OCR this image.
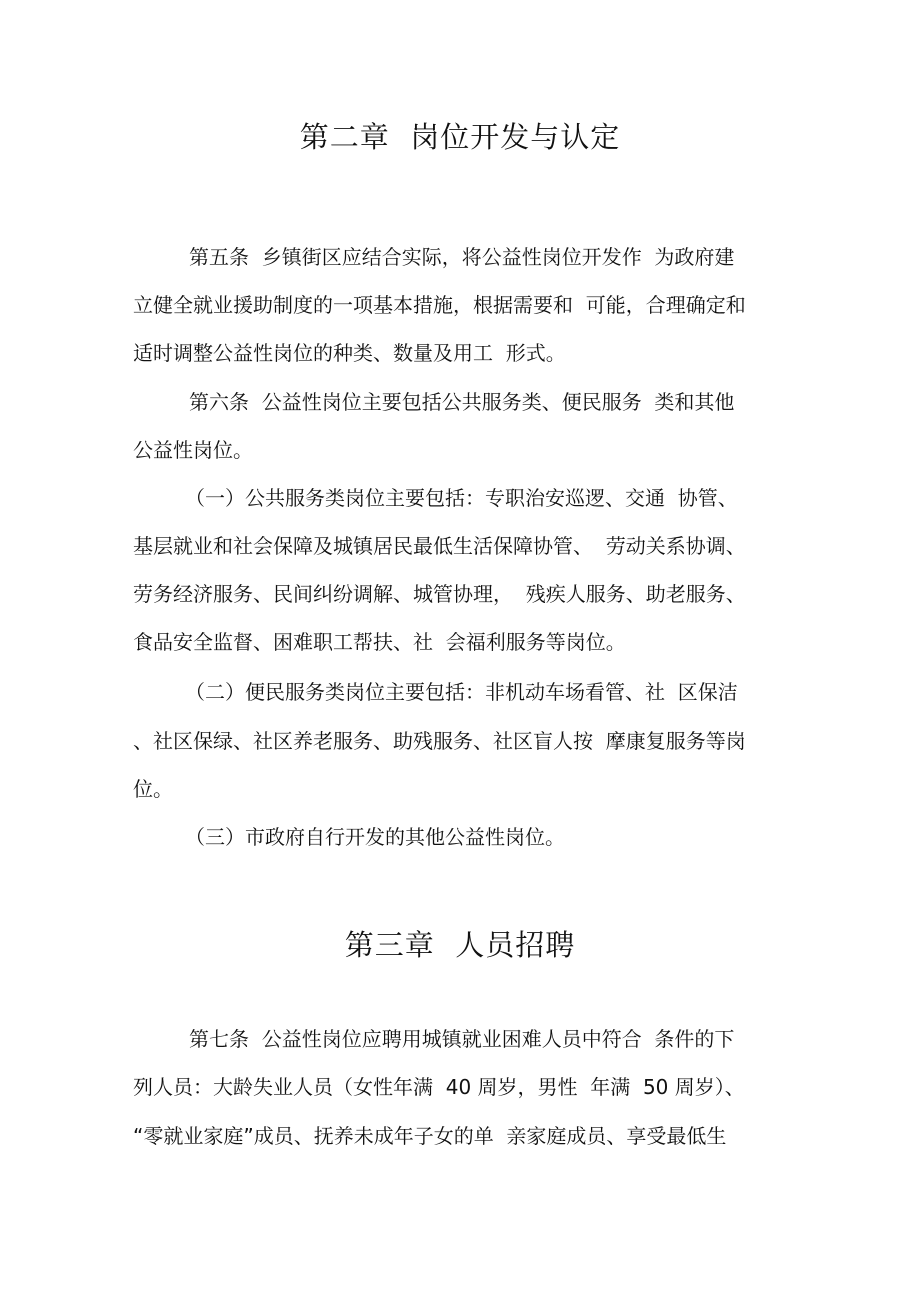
第二章  岗位开发与认定
第五条  乡镇街区应结合实际，将公益性岗位开发作  为政府建
立健全就业援助制度的一项基本措施，根据需要和  可能，合理确定和
适时调整公益性岗位的种类、数量及用工  形式。
第六条  公益性岗位主要包括公共服务类、便民服务  类和其他
公益性岗位。
（一）公共服务类岗位主要包括：专职治安巡逻、交通  协管、
基层就业和社会保障及城镇居民最低生活保障协管、  劳动关系协调、
劳务经济服务、民间纠纷调解、城管协理，  残疾人服务、助老服务、
食品安全监督、困难职工帮扶、社  会福利服务等岗位。
（二）便民服务类岗位主要包括：非机动车场看管、社  区保洁
、社区保绿、社区养老服务、助残服务、社区盲人按  摩康复服务等岗
位。
（三）市政府自行开发的其他公益性岗位。
第三章  人员招聘
第七条  公益性岗位应聘用城镇就业困难人员中符合  条件的下
列人员：大龄失业人员（女性年满  40 周岁，男性  年满  50 周岁）、
“零就业家庭”成员、抚养未成年子女的单  亲家庭成员、享受最低生
